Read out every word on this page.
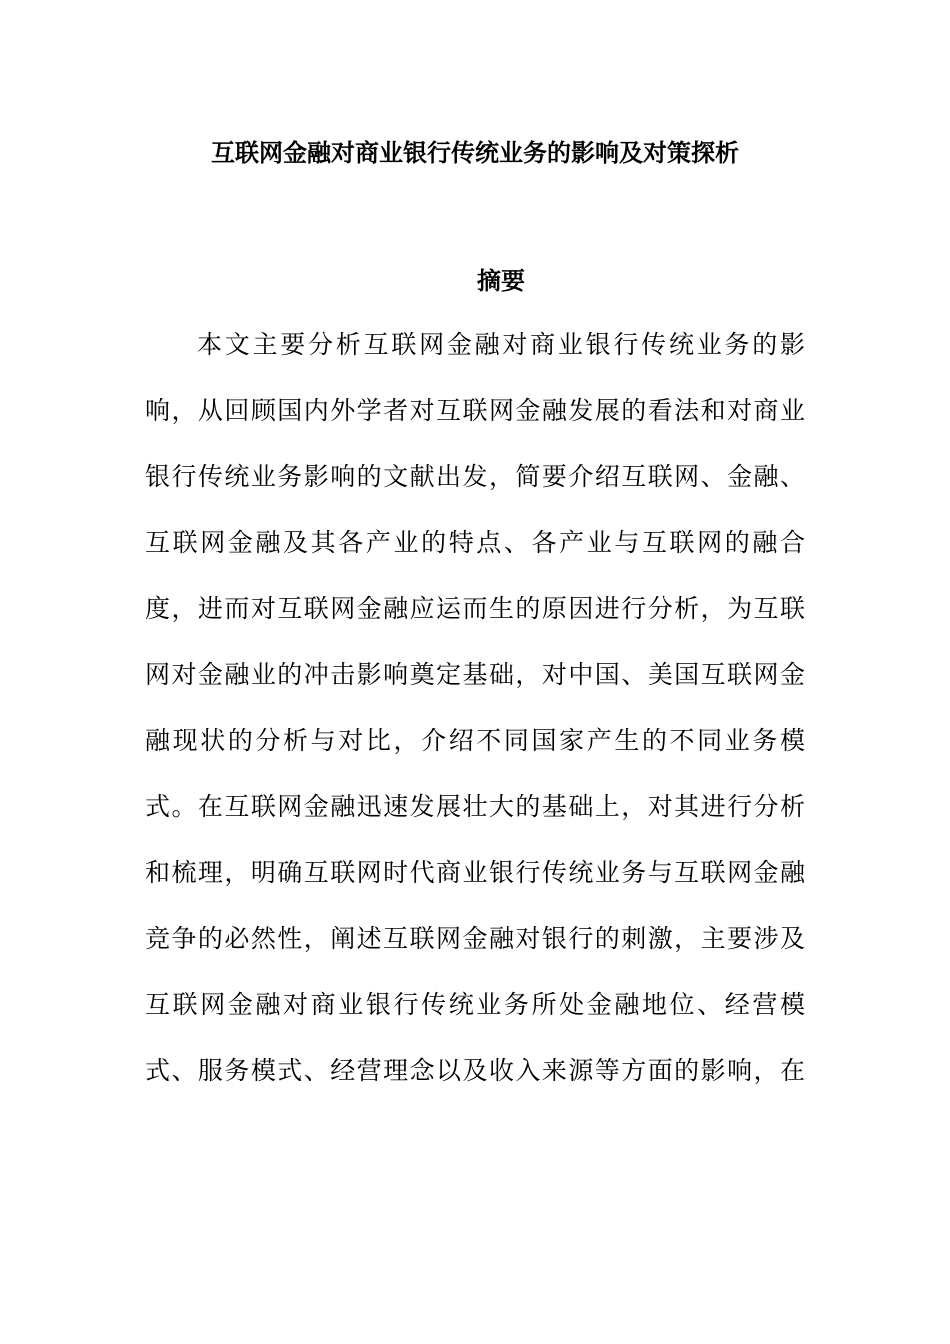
互联网金融对商业银行传统业务的影响及对策探析
摘要
本文主要分析互联网金融对商业银行传统业务的影
响，从回顾国内外学者对互联网金融发展的看法和对商业
银行传统业务影响的文献出发，简要介绍互联网、金融、
互联网金融及其各产业的特点、各产业与互联网的融合
度，进而对互联网金融应运而生的原因进行分析，为互联
网对金融业的冲击影响奠定基础，对中国、美国互联网金
融现状的分析与对比，介绍不同国家产生的不同业务模
式。在互联网金融迅速发展壮大的基础上，对其进行分析
和梳理，明确互联网时代商业银行传统业务与互联网金融
竞争的必然性，阐述互联网金融对银行的刺激，主要涉及
互联网金融对商业银行传统业务所处金融地位、经营模
式、服务模式、经营理念以及收入来源等方面的影响，在
